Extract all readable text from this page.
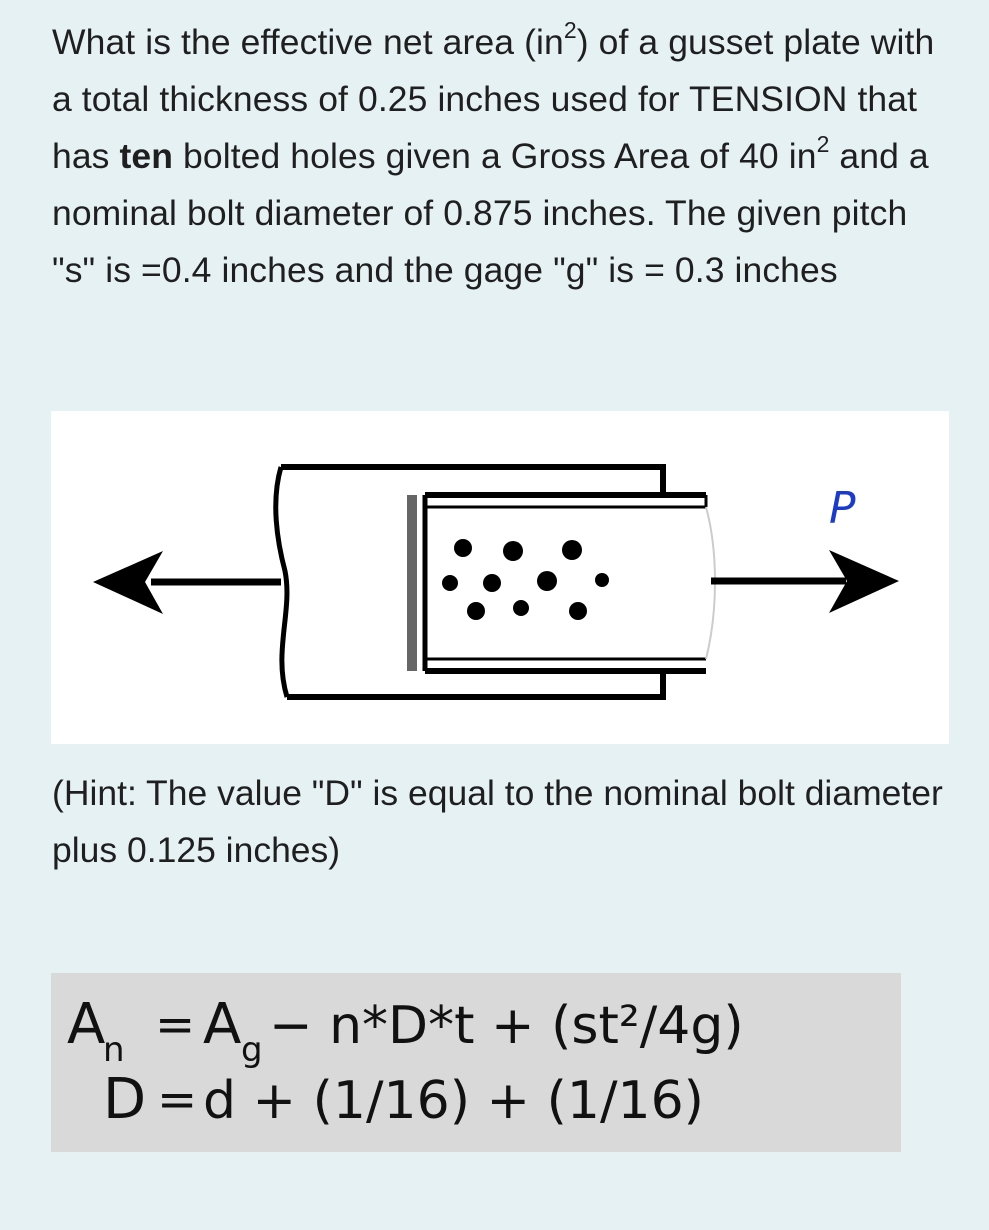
What is the effective net area $(in^2)$ of a gusset plate with a total thickness of 0.25 inches used for TENSION that has ten bolted holes given a Gross Area of 40 $in^2$ and a nominal bolt diameter of 0.875 inches. The given pitch "s" is =0.4 inches and the gage "g" is = 0.3 inches
P
(Hint: The value "D" is equal to the nominal bolt diameter plus 0.125 inches)
A
n = A g − n*D*t + (st²/4g)
D = d + (1/16) + (1/16)
